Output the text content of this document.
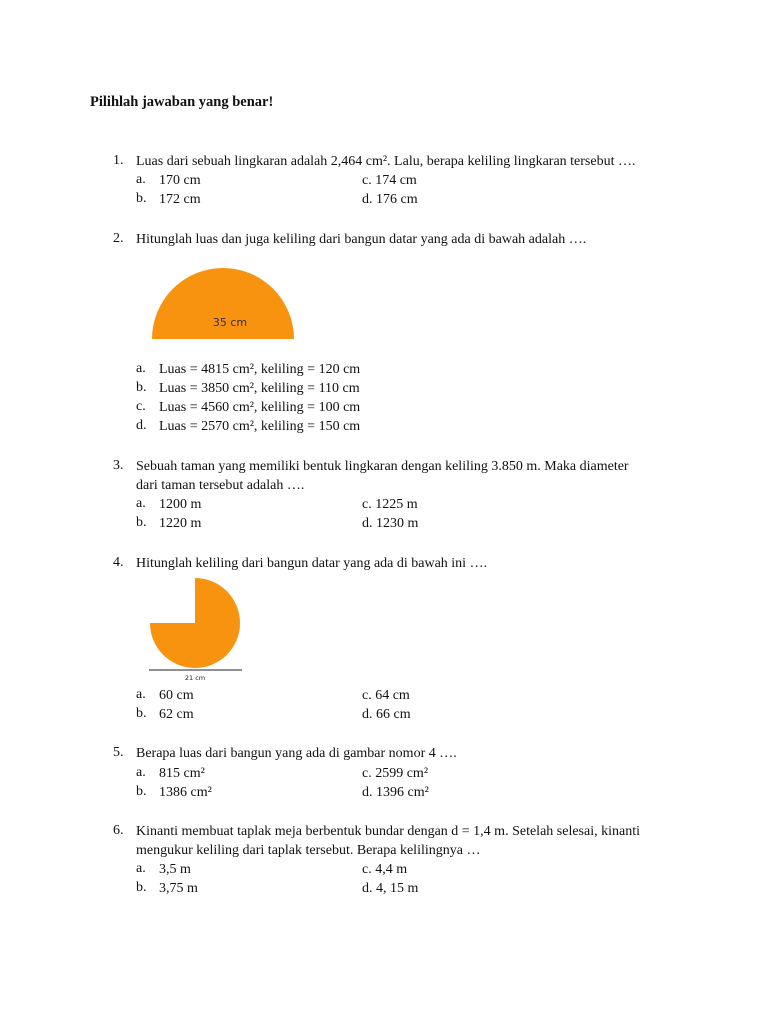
Pilihlah jawaban yang benar!
1. Luas dari sebuah lingkaran adalah 2,464 cm². Lalu, berapa keliling lingkaran tersebut ….
a. 170 cm	c. 174 cm
b. 172 cm	d. 176 cm
2. Hitunglah luas dan juga keliling dari bangun datar yang ada di bawah adalah ….
35 cm
a. Luas = 4815 cm², keliling = 120 cm
b. Luas = 3850 cm², keliling = 110 cm
c. Luas = 4560 cm², keliling = 100 cm
d. Luas = 2570 cm², keliling = 150 cm
3. Sebuah taman yang memiliki bentuk lingkaran dengan keliling 3.850 m. Maka diameter
dari taman tersebut adalah ….
a. 1200 m	c. 1225 m
b. 1220 m	d. 1230 m
4. Hitunglah keliling dari bangun datar yang ada di bawah ini ….
21 cm
a. 60 cm	c. 64 cm
b. 62 cm	d. 66 cm
5. Berapa luas dari bangun yang ada di gambar nomor 4 ….
a. 815 cm²	c. 2599 cm²
b. 1386 cm²	d. 1396 cm²
6. Kinanti membuat taplak meja berbentuk bundar dengan d = 1,4 m. Setelah selesai, kinanti
mengukur keliling dari taplak tersebut. Berapa kelilingnya …
a. 3,5 m	c. 4,4 m
b. 3,75 m	d. 4, 15 m
